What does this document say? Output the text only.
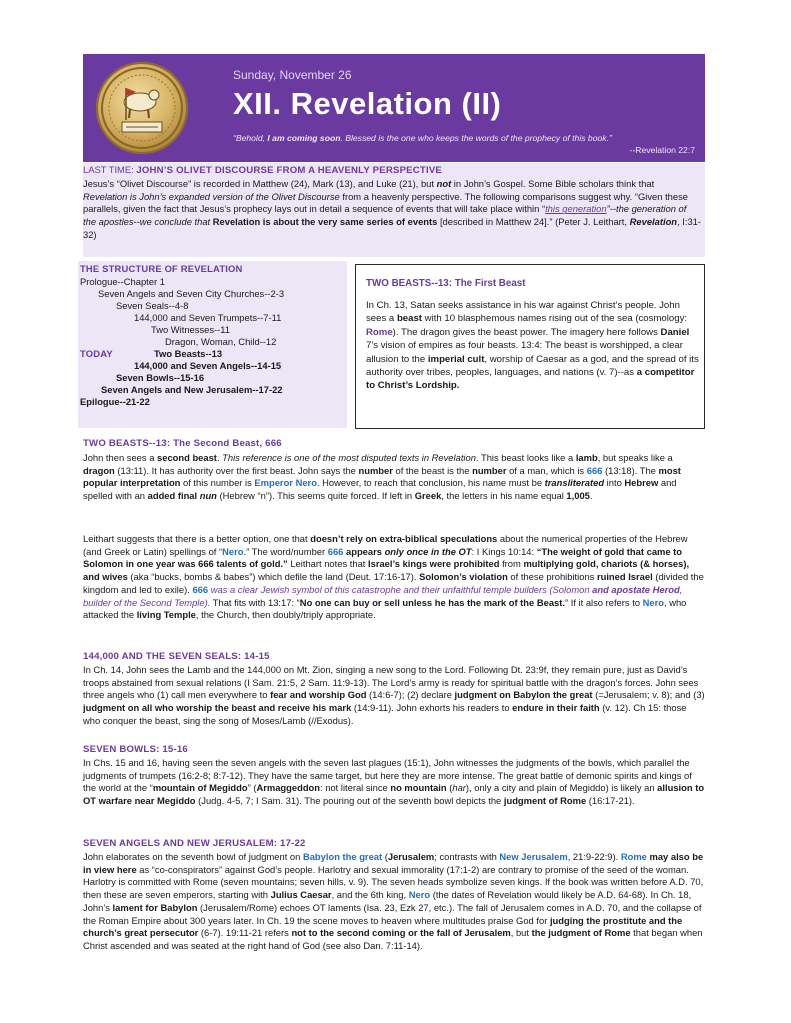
Sunday, November 26
XII. Revelation (II)
“Behold, I am coming soon. Blessed is the one who keeps the words of the prophecy of this book.”
--Revelation 22:7
LAST TIME: JOHN’S OLIVET DISCOURSE FROM A HEAVENLY PERSPECTIVE
Jesus’s “Olivet Discourse” is recorded in Matthew (24), Mark (13), and Luke (21), but not in John’s Gospel. Some Bible scholars think that Revelation is John’s expanded version of the Olivet Discourse from a heavenly perspective. The following comparisons suggest why. “Given these parallels, given the fact that Jesus’s prophecy lays out in detail a sequence of events that will take place within “this generation”--the generation of the apostles--we conclude that Revelation is about the very same series of events [described in Matthew 24].” (Peter J. Leithart, Revelation, I:31-32)
THE STRUCTURE OF REVELATION
Prologue--Chapter 1
Seven Angels and Seven City Churches--2-3
Seven Seals--4-8
144,000 and Seven Trumpets--7-11
Two Witnesses--11
Dragon, Woman, Child--12
TODAY	Two Beasts--13
144,000 and Seven Angels--14-15
Seven Bowls--15-16
Seven Angels and New Jerusalem--17-22
Epilogue--21-22
TWO BEASTS--13: The First Beast
In Ch. 13, Satan seeks assistance in his war against Christ’s people. John sees a beast with 10 blasphemous names rising out of the sea (cosmology: Rome). The dragon gives the beast power. The imagery here follows Daniel 7’s vision of empires as four beasts. 13:4: The beast is worshipped, a clear allusion to the imperial cult, worship of Caesar as a god, and the spread of its authority over tribes, peoples, languages, and nations (v. 7)--as a competitor to Christ’s Lordship.
TWO BEASTS--13: The Second Beast, 666
John then sees a second beast. This reference is one of the most disputed texts in Revelation. This beast looks like a lamb, but speaks like a dragon (13:11). It has authority over the first beast. John says the number of the beast is the number of a man, which is 666 (13:18). The most popular interpretation of this number is Emperor Nero. However, to reach that conclusion, his name must be transliterated into Hebrew and spelled with an added final nun (Hebrew “n”). This seems quite forced. If left in Greek, the letters in his name equal 1,005.
Leithart suggests that there is a better option, one that doesn’t rely on extra-biblical speculations about the numerical properties of the Hebrew (and Greek or Latin) spellings of “Nero.” The word/number 666 appears only once in the OT: I Kings 10:14: “The weight of gold that came to Solomon in one year was 666 talents of gold.” Leithart notes that Israel’s kings were prohibited from multiplying gold, chariots (& horses), and wives (aka “bucks, bombs & babes”) which defile the land (Deut. 17:16-17). Solomon’s violation of these prohibitions ruined Israel (divided the kingdom and led to exile). 666 was a clear Jewish symbol of this catastrophe and their unfaithful temple builders (Solomon and apostate Herod, builder of the Second Temple). That fits with 13:17: “No one can buy or sell unless he has the mark of the Beast.” If it also refers to Nero, who attacked the living Temple, the Church, then doubly/triply appropriate.
144,000 AND THE SEVEN SEALS: 14-15
In Ch. 14, John sees the Lamb and the 144,000 on Mt. Zion, singing a new song to the Lord. Following Dt. 23:9f, they remain pure, just as David’s troops abstained from sexual relations (I Sam. 21:5, 2 Sam. 11:9-13). The Lord’s army is ready for spiritual battle with the dragon’s forces. John sees three angels who (1) call men everywhere to fear and worship God (14:6-7); (2) declare judgment on Babylon the great (=Jerusalem; v. 8); and (3) judgment on all who worship the beast and receive his mark (14:9-11). John exhorts his readers to endure in their faith (v. 12). Ch 15: those who conquer the beast, sing the song of Moses/Lamb (//Exodus).
SEVEN BOWLS: 15-16
In Chs. 15 and 16, having seen the seven angels with the seven last plagues (15:1), John witnesses the judgments of the bowls, which parallel the judgments of trumpets (16:2-8; 8:7-12). They have the same target, but here they are more intense. The great battle of demonic spirits and kings of the world at the “mountain of Megiddo” (Armaggeddon: not literal since no mountain (har), only a city and plain of Megiddo) is likely an allusion to OT warfare near Megiddo (Judg. 4-5, 7; I Sam. 31). The pouring out of the seventh bowl depicts the judgment of Rome (16:17-21).
SEVEN ANGELS AND NEW JERUSALEM: 17-22
John elaborates on the seventh bowl of judgment on Babylon the great (Jerusalem; contrasts with New Jerusalem, 21:9-22:9). Rome may also be in view here as “co-conspirators” against God’s people. Harlotry and sexual immorality (17:1-2) are contrary to promise of the seed of the woman. Harlotry is committed with Rome (seven mountains; seven hills, v. 9). The seven heads symbolize seven kings. If the book was written before A.D. 70, then these are seven emperors, starting with Julius Caesar, and the 6th king, Nero (the dates of Revelation would likely be A.D. 64-68). In Ch. 18, John’s lament for Babylon (Jerusalem/Rome) echoes OT laments (Isa. 23, Ezk 27, etc.). The fall of Jerusalem comes in A.D. 70, and the collapse of the Roman Empire about 300 years later. In Ch. 19 the scene moves to heaven where multitudes praise God for judging the prostitute and the church’s great persecutor (6-7). 19:11-21 refers not to the second coming or the fall of Jerusalem, but the judgment of Rome that began when Christ ascended and was seated at the right hand of God (see also Dan. 7:11-14).
